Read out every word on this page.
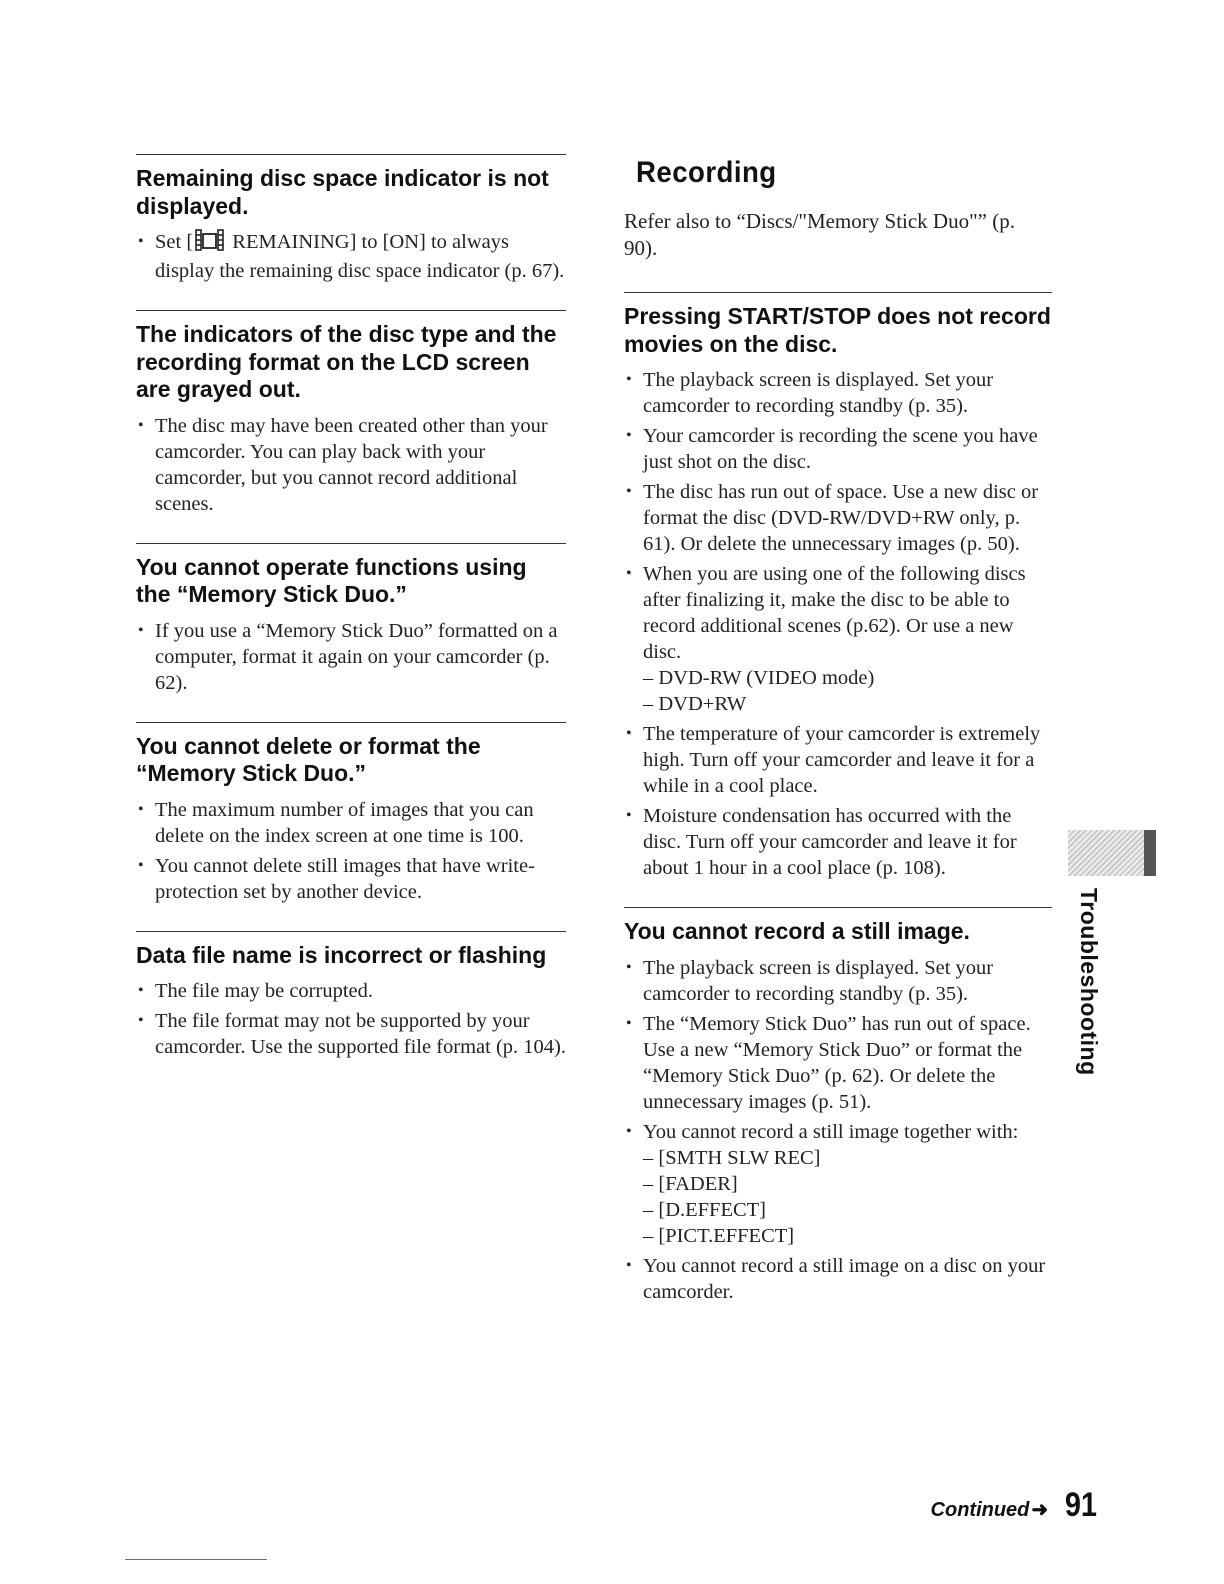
Remaining disc space indicator is not displayed.
• Set [ REMAINING] to [ON] to always display the remaining disc space indicator (p. 67).
The indicators of the disc type and the recording format on the LCD screen are grayed out.
• The disc may have been created other than your camcorder. You can play back with your camcorder, but you cannot record additional scenes.
You cannot operate functions using the “Memory Stick Duo.”
• If you use a “Memory Stick Duo” formatted on a computer, format it again on your camcorder (p. 62).
You cannot delete or format the “Memory Stick Duo.”
• The maximum number of images that you can delete on the index screen at one time is 100.
• You cannot delete still images that have write-protection set by another device.
Data file name is incorrect or flashing
• The file may be corrupted.
• The file format may not be supported by your camcorder. Use the supported file format (p. 104).
Recording

Refer also to “Discs/"Memory Stick Duo"” (p. 90).

Pressing START/STOP does not record movies on the disc.
• The playback screen is displayed. Set your camcorder to recording standby (p. 35).
• Your camcorder is recording the scene you have just shot on the disc.
• The disc has run out of space. Use a new disc or format the disc (DVD-RW/DVD+RW only, p. 61). Or delete the unnecessary images (p. 50).
• When you are using one of the following discs after finalizing it, make the disc to be able to record additional scenes (p.62). Or use a new disc.
– DVD-RW (VIDEO mode)
– DVD+RW
• The temperature of your camcorder is extremely high. Turn off your camcorder and leave it for a while in a cool place.
• Moisture condensation has occurred with the disc. Turn off your camcorder and leave it for about 1 hour in a cool place (p. 108).
You cannot record a still image.
• The playback screen is displayed. Set your camcorder to recording standby (p. 35).
• The “Memory Stick Duo” has run out of space. Use a new “Memory Stick Duo” or format the “Memory Stick Duo” (p. 62). Or delete the unnecessary images (p. 51).
• You cannot record a still image together with:
– [SMTH SLW REC]
– [FADER]
– [D.EFFECT]
– [PICT.EFFECT]
• You cannot record a still image on a disc on your camcorder.
Troubleshooting
Continued ➜ 91
